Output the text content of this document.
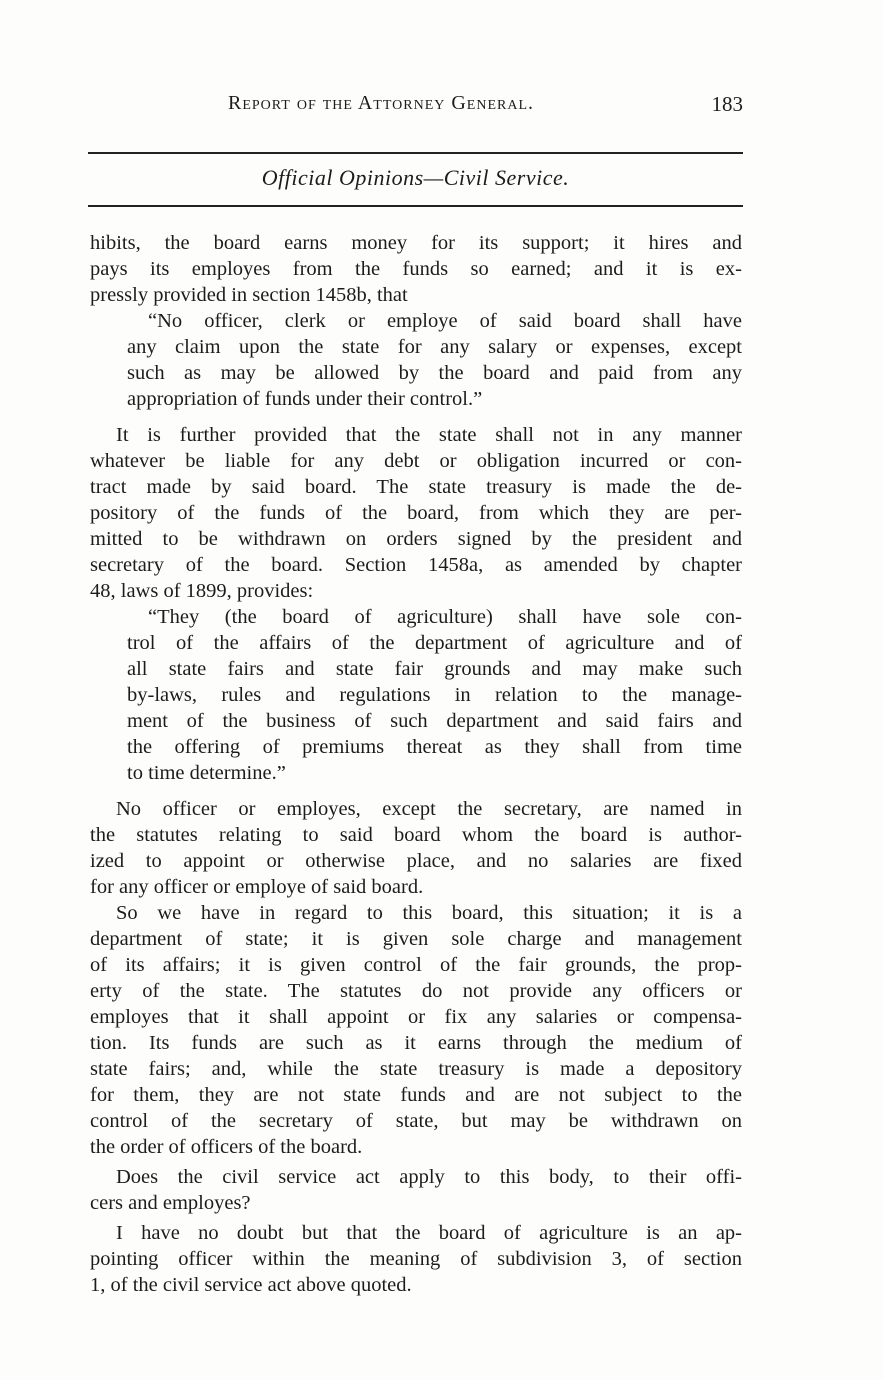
Report of the Attorney General.	183
Official Opinions—Civil Service.
hibits, the board earns money for its support; it hires and
pays its employes from the funds so earned; and it is ex-
pressly provided in section 1458b, that
“No officer, clerk or employe of said board shall have
any claim upon the state for any salary or expenses, except
such as may be allowed by the board and paid from any
appropriation of funds under their control.”
It is further provided that the state shall not in any manner
whatever be liable for any debt or obligation incurred or con-
tract made by said board. The state treasury is made the de-
pository of the funds of the board, from which they are per-
mitted to be withdrawn on orders signed by the president and
secretary of the board. Section 1458a, as amended by chapter
48, laws of 1899, provides:
“They (the board of agriculture) shall have sole con-
trol of the affairs of the department of agriculture and of
all state fairs and state fair grounds and may make such
by-laws, rules and regulations in relation to the manage-
ment of the business of such department and said fairs and
the offering of premiums thereat as they shall from time
to time determine.”
No officer or employes, except the secretary, are named in
the statutes relating to said board whom the board is author-
ized to appoint or otherwise place, and no salaries are fixed
for any officer or employe of said board.
So we have in regard to this board, this situation; it is a
department of state; it is given sole charge and management
of its affairs; it is given control of the fair grounds, the prop-
erty of the state. The statutes do not provide any officers or
employes that it shall appoint or fix any salaries or compensa-
tion. Its funds are such as it earns through the medium of
state fairs; and, while the state treasury is made a depository
for them, they are not state funds and are not subject to the
control of the secretary of state, but may be withdrawn on
the order of officers of the board.
Does the civil service act apply to this body, to their offi-
cers and employes?
I have no doubt but that the board of agriculture is an ap-
pointing officer within the meaning of subdivision 3, of section
1, of the civil service act above quoted.
